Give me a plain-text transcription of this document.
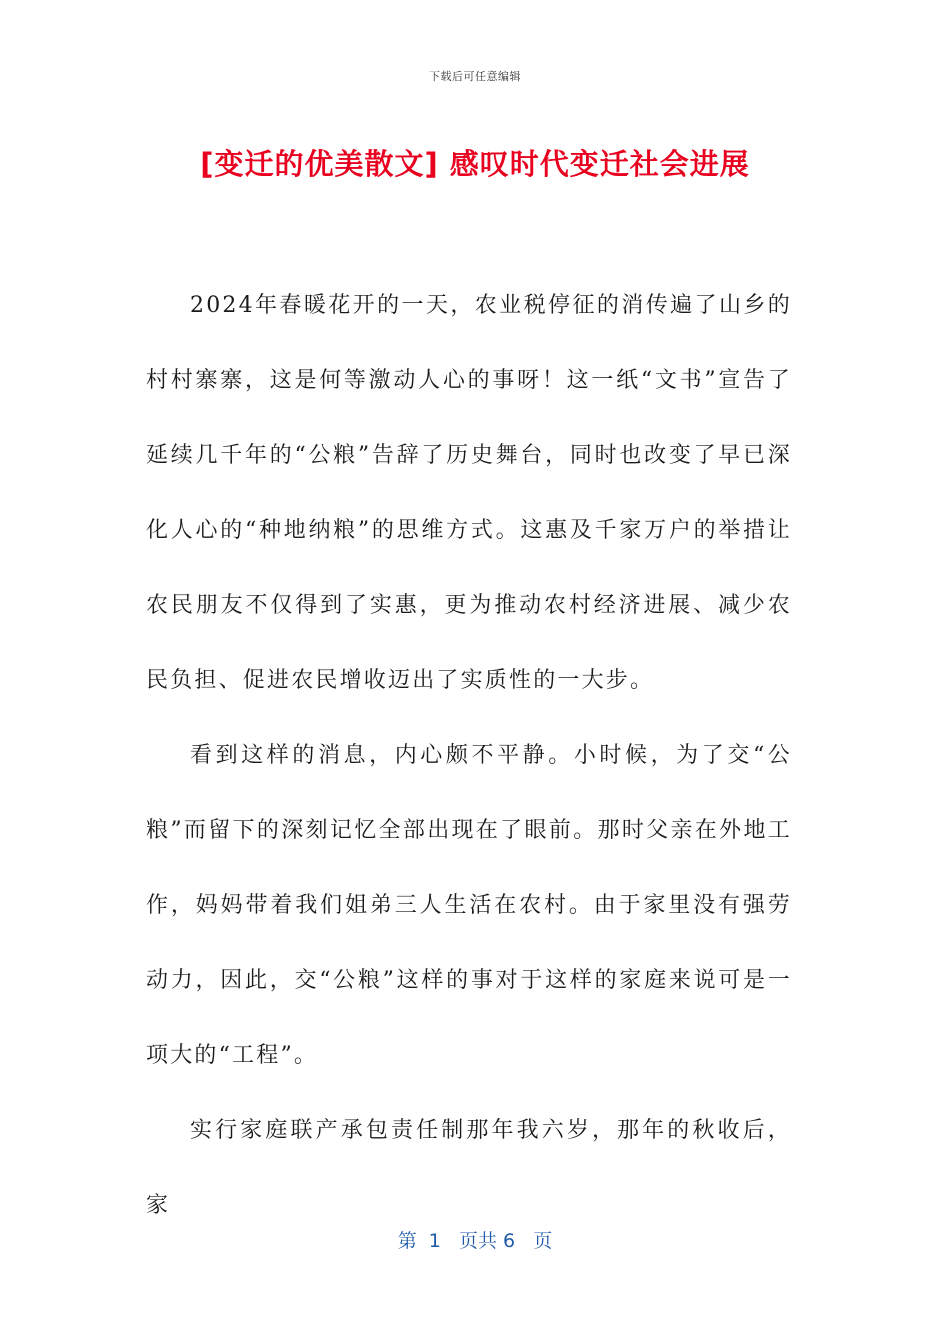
下载后可任意编辑
[变迁的优美散文] 感叹时代变迁社会进展

2024年春暖花开的一天，农业税停征的消传遍了山乡的村村寨寨，这是何等激动人心的事呀！这一纸“文书”宣告了延续几千年的“公粮”告辞了历史舞台，同时也改变了早已深化人心的“种地纳粮”的思维方式。这惠及千家万户的举措让农民朋友不仅得到了实惠，更为推动农村经济进展、减少农民负担、促进农民增收迈出了实质性的一大步。

看到这样的消息，内心颇不平静。小时候，为了交“公粮”而留下的深刻记忆全部出现在了眼前。那时父亲在外地工作，妈妈带着我们姐弟三人生活在农村。由于家里没有强劳动力，因此，交“公粮”这样的事对于这样的家庭来说可是一项大的“工程”。

实行家庭联产承包责任制那年我六岁，那年的秋收后，家

第  1   页共 6   页
